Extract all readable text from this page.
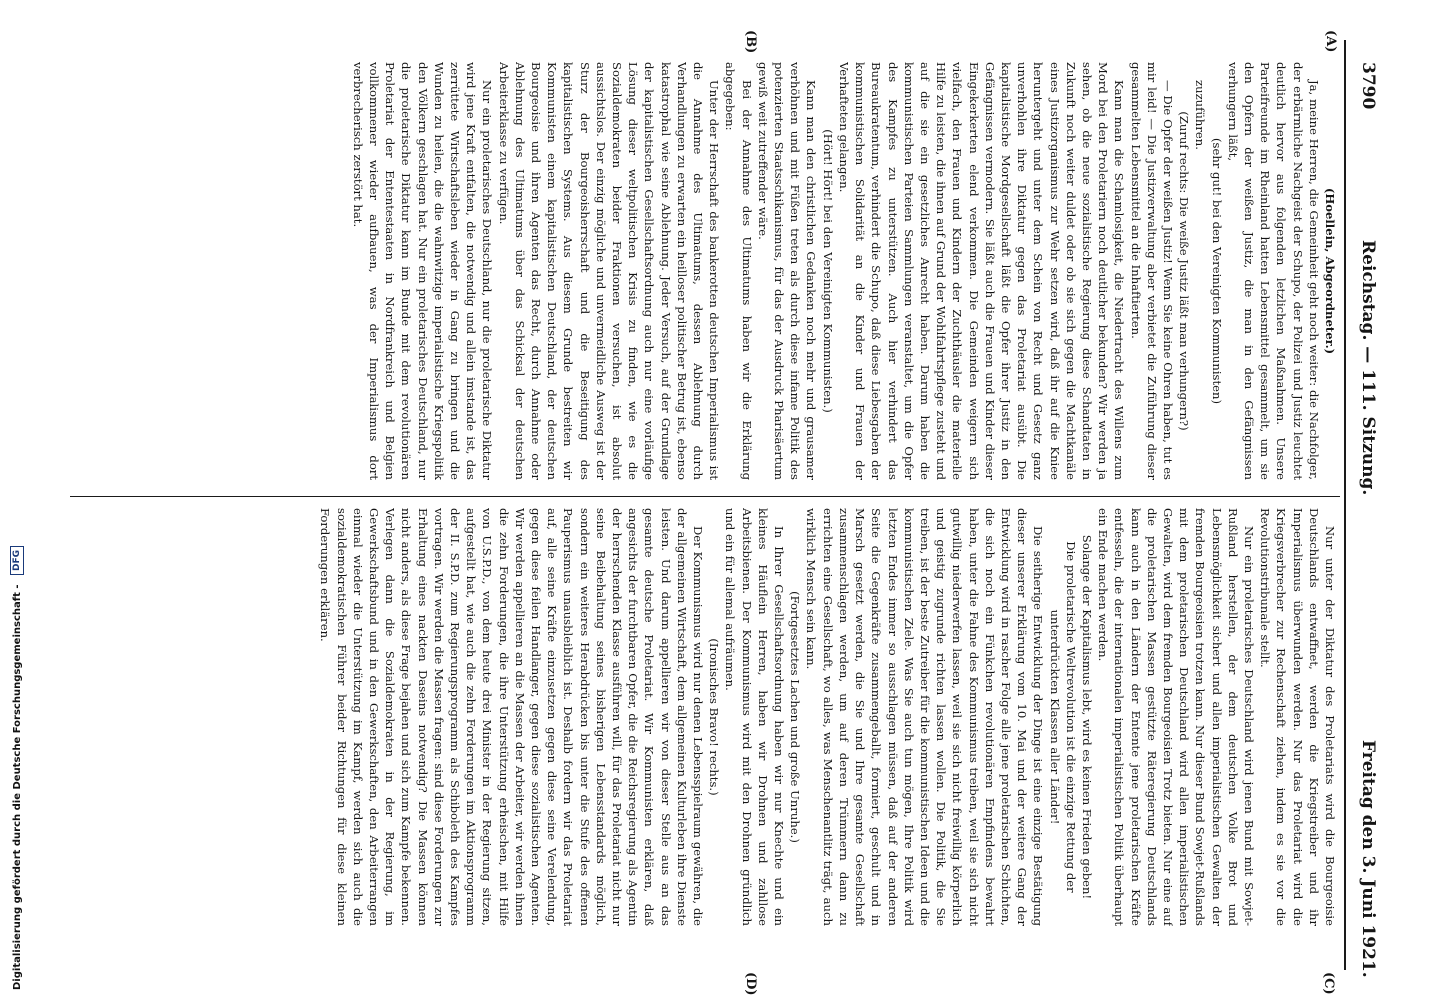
3790
Reichstag. — 111. Sitzung.
Freitag den 3. Juni 1921.
(A)
(B)
(C)
(D)

(Hoellein, Abgeordneter.)

Ja, meine Herren, die Gemeinheit geht noch weiter: die Nachfolger, der erbärmliche Nachgeist der Schupo, der Polizei und Justiz leuchtet deutlich hervor aus folgenden letzlichen Maßnahmen. Unsere Parteifreunde im Rheinland hatten Lebensmittel gesammelt, um sie den Opfern der weißen Justiz, die man in den Gefängnissen verhungern läßt,

(sehr gut! bei den Vereinigten Kommunisten)

zuzuführen.

(Zuruf rechts: Die weiße Justiz läßt man verhungern?)

— Die Opfer der weißen Justiz! Wenn Sie keine Ohren haben, tut es mir leid! — Die Justizverwaltung aber verbietet die Zuführung dieser gesammelten Lebensmittel an die Inhaftierten.

Kann man die Schamlosigkeit, die Niedertracht des Willens zum Mord bei den Proletariern noch deutlicher bekunden? Wir werden ja sehen, ob die neue sozialistische Regierung diese Schandtaten in Zukunft noch weiter duldet oder ob sie sich gegen die Machtkanäle eines Justizorganismus zur Wehr setzen wird, daß ihr auf die Kniee heruntergeht und unter dem Schein von Recht und Gesetz ganz unverhohlen ihre Diktatur gegen das Proletariat ausübt. Die kapitalistische Mordgesellschaft läßt die Opfer ihrer Justiz in den Gefängnissen vermodern. Sie läßt auch die Frauen und Kinder dieser Eingekerkerten elend verkommen. Die Gemeinden weigern sich vielfach, den Frauen und Kindern der Zuchthäusler die materielle Hilfe zu leisten, die ihnen auf Grund der Wohlfahrtspflege zusteht und auf die sie ein gesetzliches Anrecht haben. Darum haben die kommunistischen Parteien Sammlungen veranstaltet, um die Opfer des Kampfes zu unterstützen. Auch hier verhindert das Bureaukratentum, verhindert die Schupo, daß diese Liebesgaben der kommunistischen Solidarität an die Kinder und Frauen der Verhafteten gelangen.

(Hört! Hört! bei den Vereinigten Kommunisten.)

Kann man den christlichen Gedanken noch mehr und grausamer verhöhnen und mit Füßen treten als durch diese infame Politik des potenzierten Staatsschikanismus, für das der Ausdruck Pharisäertum gewiß weit zutreffender wäre.

Bei der Annahme des Ultimatums haben wir die Erklärung abgegeben:

Unter der Herrschaft des bankerotten deutschen Imperialismus ist die Annahme des Ultimatums, dessen Ablehnung durch Verhandlungen zu erwarten ein heilloser politischer Betrug ist, ebenso katastrophal wie seine Ablehnung. Jeder Versuch, auf der Grundlage der kapitalistischen Gesellschaftsordnung auch nur eine vorläufige Lösung dieser weltpolitischen Krisis zu finden, wie es die Sozialdemokraten beider Fraktionen versuchen, ist absolut aussichtslos. Der einzig mögliche und unvermeidliche Ausweg ist der Sturz der Bourgeoisherrschaft und die Beseitigung des kapitalistischen Systems. Aus diesem Grunde bestreiten wir Kommunisten einem kapitalistischen Deutschland, der deutschen Bourgeoisie und ihren Agenten das Recht, durch Annahme oder Ablehnung des Ultimatums über das Schicksal der deutschen Arbeiterklasse zu verfügen.

Nur ein proletarisches Deutschland, nur die proletarische Diktatur wird jene Kraft entfalten, die notwendig und allein imstande ist, das zerrüttete Wirtschaftsleben wieder in Gang zu bringen und die Wunden zu heilen, die die wahnwitzige imperialistische Kriegspolitik den Völkern geschlagen hat. Nur ein proletarisches Deutschland, nur die proletarische Diktatur kann im Bunde mit dem revolutionären Proletariat der Ententestaaten in Nordfrankreich und Belgien vollkommener wieder aufbauen, was der Imperialismus dort verbrecherisch zerstört hat.

Nur unter der Diktatur des Proletariats wird die Bourgeoisie Deutschlands entwaffnet, werden die Kriegstreiber und ihr Imperialismus überwunden werden. Nur das Proletariat wird die Kriegsverbrecher zur Rechenschaft ziehen, indem es sie vor die Revolutionstribunale stellt.

Nur ein proletarisches Deutschland wird jenen Bund mit Sowjet-Rußland herstellen, der dem deutschen Volke Brot und Lebensmöglichkeit sichert und allen imperialistischen Gewalten der fremden Bourgeoisien trotzen kann. Nur dieser Bund Sowjet-Rußlands mit dem proletarischen Deutschland wird allen imperialistischen Gewalten, wird dem fremden Bourgeoisien Trotz bieten. Nur eine auf die proletarischen Massen gestützte Räteregierung Deutschlands kann auch in den Ländern der Entente jene proletarischen Kräfte entfesseln, die der internationalen imperialistischen Politik überhaupt ein Ende machen werden.

Solange der Kapitalismus lebt, wird es keinen Frieden geben!

Die proletarische Weltrevolution ist die einzige Rettung der unterdrückten Klassen aller Länder!

Die seitherige Entwicklung der Dinge ist eine einzige Bestätigung dieser unserer Erklärung vom 10. Mai und der weitere Gang der Entwicklung wird in rascher Folge alle jene proletarischen Schichten, die sich noch ein Fünkchen revolutionären Empfindens bewahrt haben, unter die Fahne des Kommunismus treiben, weil sie sich nicht gutwillig niederwerfen lassen, weil sie sich nicht freiwillig körperlich und geistig zugrunde richten lassen wollen. Die Politik, die Sie treiben, ist der beste Zutreiber für die kommunistischen Ideen und die kommunistischen Ziele. Was Sie auch tun mögen, Ihre Politik wird letzten Endes immer so ausschlagen müssen, daß auf der anderen Seite die Gegenkräfte zusammengeballt, formiert, geschult und in Marsch gesetzt werden, die Sie und Ihre gesamte Gesellschaft zusammenschlagen werden, um auf deren Trümmern dann zu errichten eine Gesellschaft, wo alles, was Menschenantlitz trägt, auch wirklich Mensch sein kann.

(Fortgesetztes Lachen und große Unruhe.)

In Ihrer Gesellschaftsordnung haben wir nur Knechte und ein kleines Häuflein Herren, haben wir Drohnen und zahllose Arbeitsbienen. Der Kommunismus wird mit den Drohnen gründlich und ein für allemal aufräumen.

(Ironisches Bravo! rechts.)

Der Kommunismus wird nur denen Lebensspielraum gewähren, die der allgemeinen Wirtschaft, dem allgemeinen Kulturleben ihre Dienste leisten. Und darum appellieren wir von dieser Stelle aus an das gesamte deutsche Proletariat. Wir Kommunisten erklären, daß angesichts der furchtbaren Opfer, die die Reichsregierung als Agentin der herrschenden Klasse ausführen will, für das Proletariat nicht nur seine Beibehaltung seines bisherigen Lebensstandards möglich, sondern ein weiteres Herabdrücken bis unter die Stufe des offenen Pauperismus unausbleiblich ist. Deshalb fordern wir das Proletariat auf, alle seine Kräfte einzusetzen gegen diese seine Verelendung, gegen diese feilen Handlanger, gegen diese sozialistischen Agenten. Wir werden appellieren an die Massen der Arbeiter, wir werden ihnen die zehn Forderungen, die ihre Unterstützung erheischen, mit Hilfe von U.S.P.D., von dem heute drei Minister in der Regierung sitzen, aufgestellt hat, wie auch die zehn Forderungen im Aktionsprogramm der II. S.P.D. zum Regierungsprogramm als Schiboleth des Kampfes vortragen. Wir werden die Massen fragen: sind diese Forderungen zur Erhaltung eines nackten Daseins notwendig? Die Massen können nicht anders, als diese Frage bejahen und sich zum Kampfe bekennen. Verlegen dann die Sozialdemokraten in der Regierung, im Gewerkschaftsbund und in den Gewerkschaften, den Arbeiterrangen einmal wieder die Unterstützung im Kampf, werden sich auch die sozialdemokratischen Führer beider Richtungen für diese kleinen Forderungen erklären.

Digitalisierung gefördert durch die Deutsche Forschungsgemeinschaft - DFG
